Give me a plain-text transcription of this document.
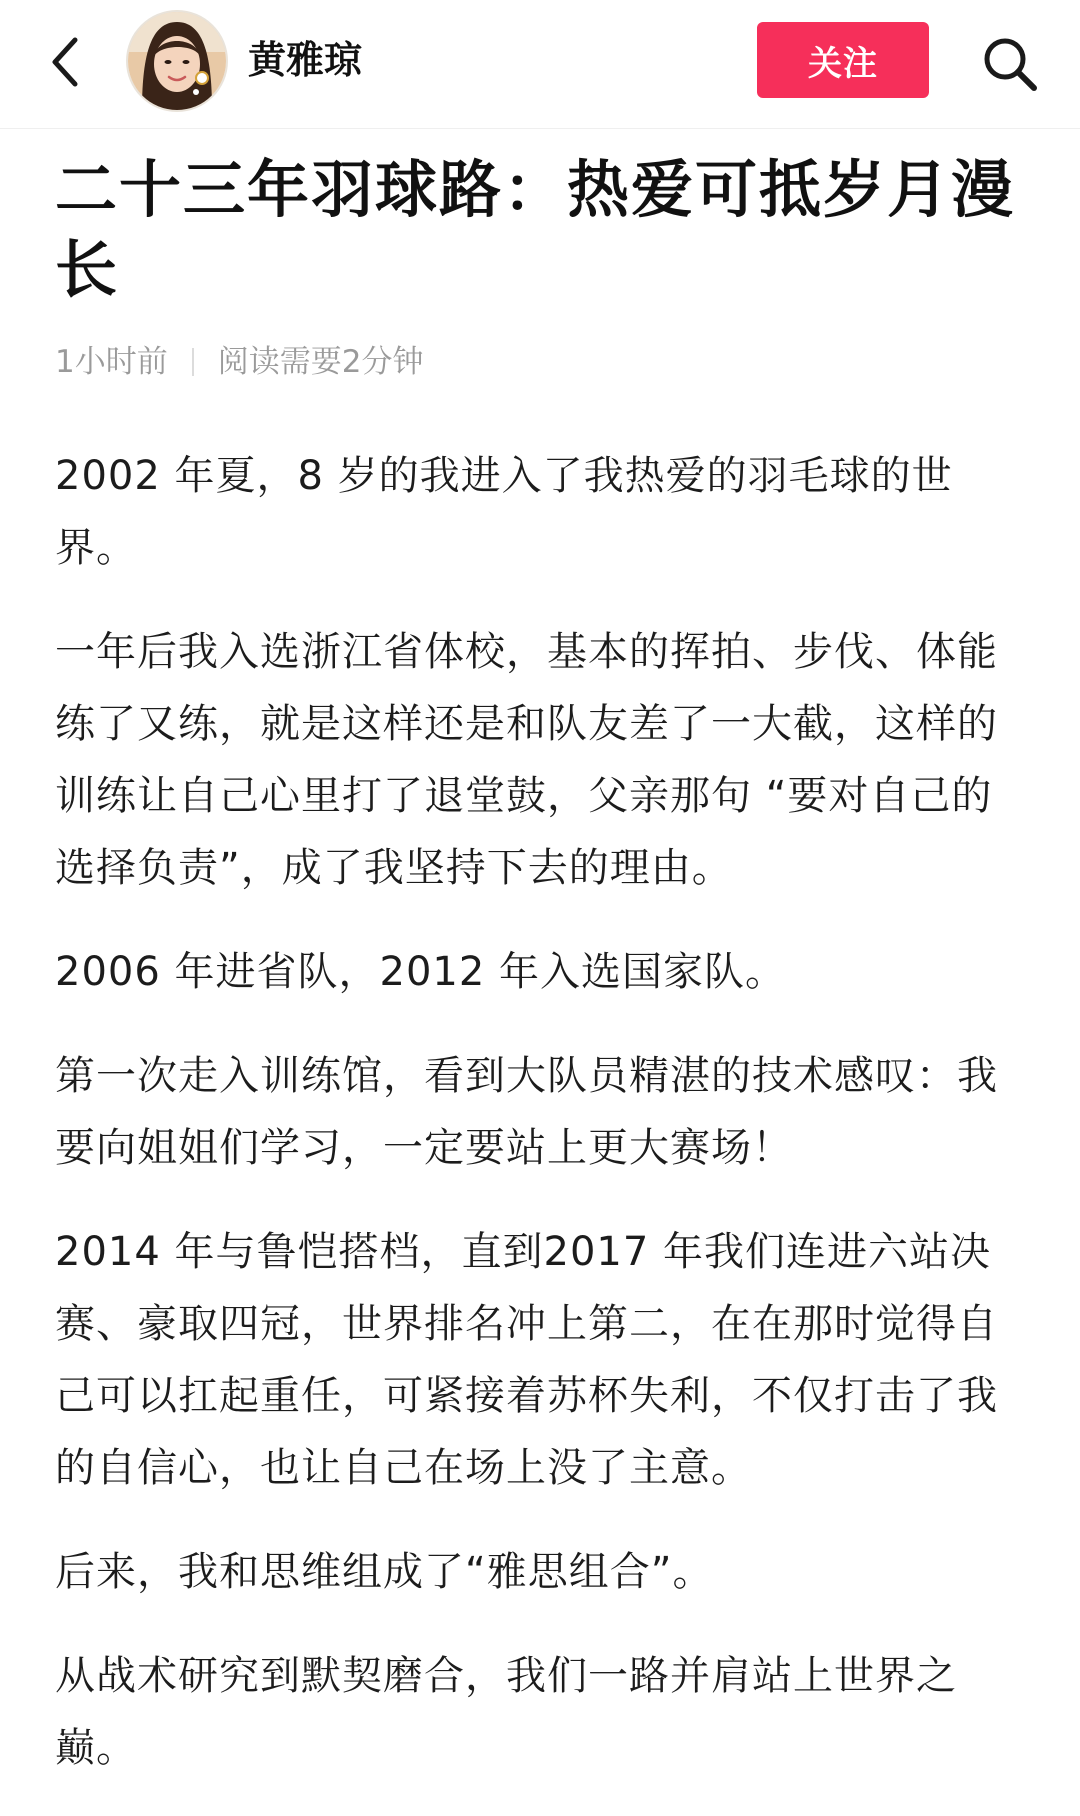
黄雅琼	关注
二十三年羽球路：热爱可抵岁月漫长
1小时前 阅读需要2分钟

2002 年夏，8 岁的我进入了我热爱的羽毛球的世界。

一年后我入选浙江省体校，基本的挥拍、步伐、体能练了又练，就是这样还是和队友差了一大截，这样的训练让自己心里打了退堂鼓，父亲那句 “要对自己的选择负责”，成了我坚持下去的理由。

2006 年进省队，2012 年入选国家队。

第一次走入训练馆，看到大队员精湛的技术感叹：我要向姐姐们学习，一定要站上更大赛场！

2014 年与鲁恺搭档，直到2017 年我们连进六站决赛、豪取四冠，世界排名冲上第二，在在那时觉得自己可以扛起重任，可紧接着苏杯失利，不仅打击了我的自信心，也让自己在场上没了主意。

后来，我和思维组成了“雅思组合”。

从战术研究到默契磨合，我们一路并肩站上世界之巅。
